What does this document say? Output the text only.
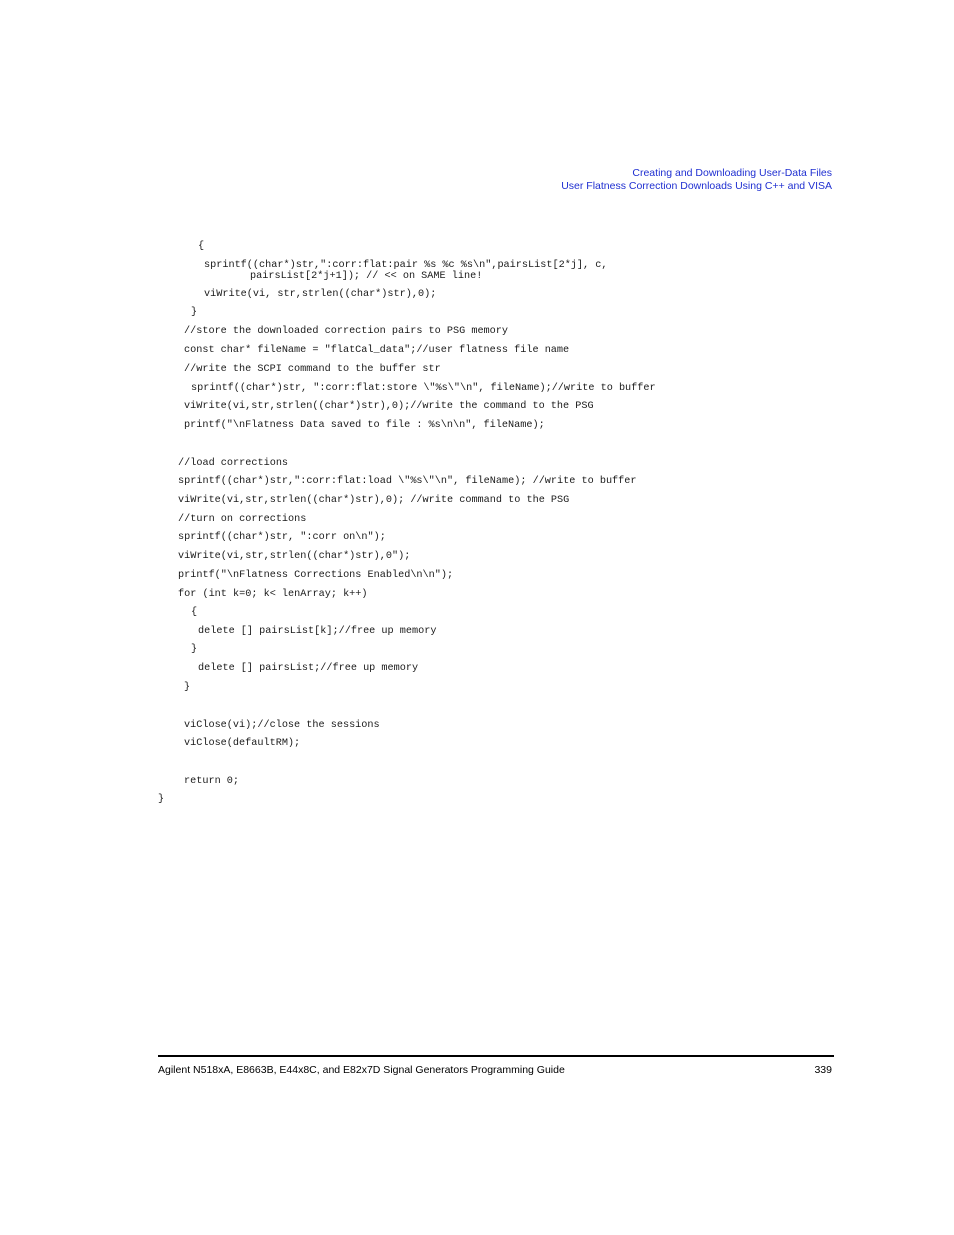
Creating and Downloading User-Data Files
User Flatness Correction Downloads Using C++ and VISA
{
sprintf((char*)str,":corr:flat:pair %s %c %s\n",pairsList[2*j], c,
pairsList[2*j+1]); // << on SAME line!
viWrite(vi, str,strlen((char*)str),0);
}
//store the downloaded correction pairs to PSG memory
const char* fileName = "flatCal_data";//user flatness file name
//write the SCPI command to the buffer str
sprintf((char*)str, ":corr:flat:store \"%s\"\n", fileName);//write to buffer
viWrite(vi,str,strlen((char*)str),0);//write the command to the PSG
printf("\nFlatness Data saved to file : %s\n\n", fileName);
//load corrections
sprintf((char*)str,":corr:flat:load \"%s\"\n", fileName); //write to buffer
viWrite(vi,str,strlen((char*)str),0); //write command to the PSG
//turn on corrections
sprintf((char*)str, ":corr on\n");
viWrite(vi,str,strlen((char*)str),0");
printf("\nFlatness Corrections Enabled\n\n");
for (int k=0; k< lenArray; k++)
{
delete [] pairsList[k];//free up memory
}
delete [] pairsList;//free up memory
}
viClose(vi);//close the sessions
viClose(defaultRM);
return 0;
}
Agilent N518xA, E8663B, E44x8C, and E82x7D Signal Generators Programming Guide	339
